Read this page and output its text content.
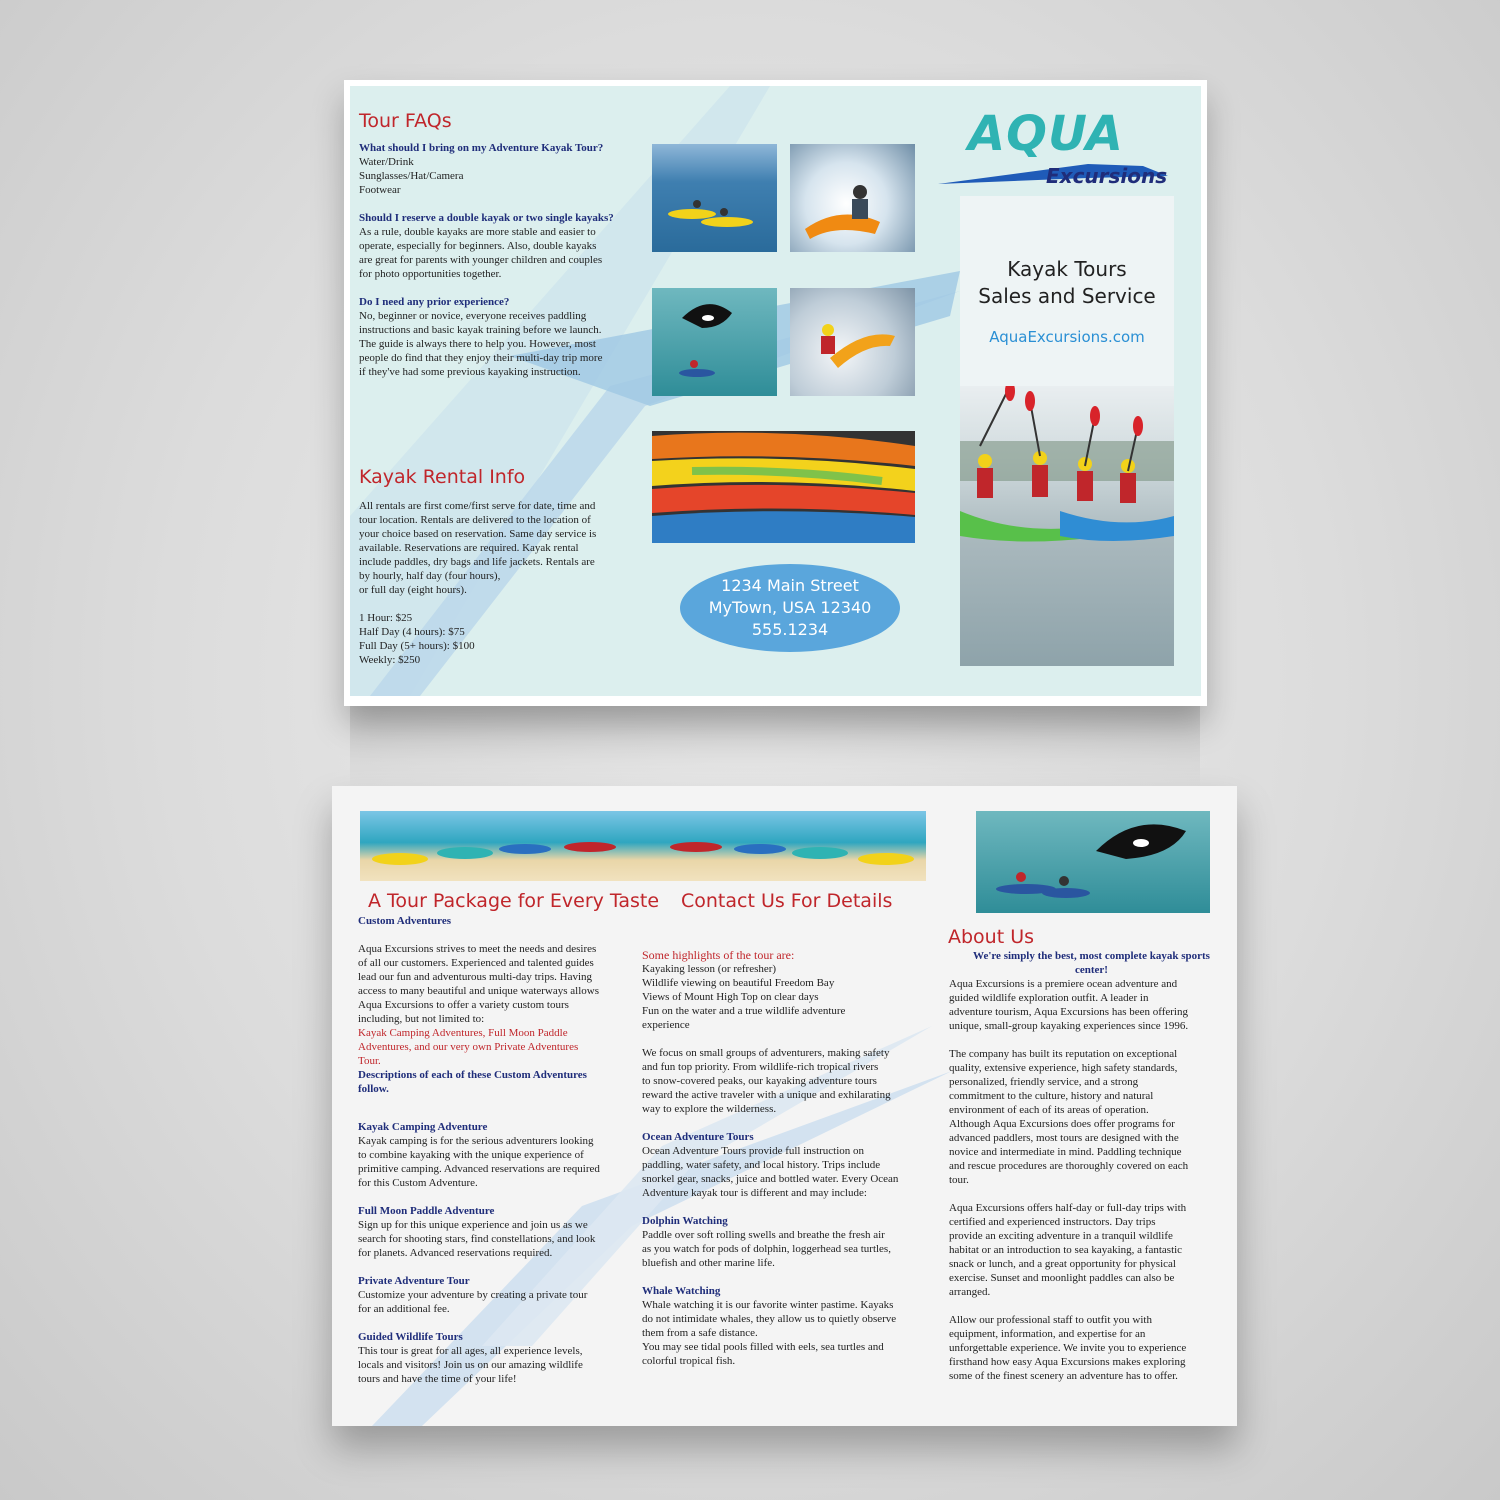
Tour FAQs

What should I bring on my Adventure Kayak Tour?

Water/Drink

Sunglasses/Hat/Camera

Footwear

Should I reserve a double kayak or two single kayaks?

As a rule, double kayaks are more stable and easier to

operate, especially for beginners. Also, double kayaks

are great for parents with younger children and couples

for photo opportunities together.

Do I need any prior experience?

No, beginner or novice, everyone receives paddling

instructions and basic kayak training before we launch.

The guide is always there to help you. However, most

people do find that they enjoy their multi-day trip more

if they've had some previous kayaking instruction.

Kayak Rental Info

All rentals are first come/first serve for date, time and

tour location. Rentals are delivered to the location of

your choice based on reservation. Same day service is

available. Reservations are required. Kayak rental

include paddles, dry bags and life jackets. Rentals are

by hourly, half day (four hours),

or full day (eight hours).

1 Hour: $25

Half Day (4 hours): $75

Full Day (5+ hours): $100

Weekly: $250

1234 Main Street
MyTown, USA 12340
555.1234
AQUA
Excursions
Kayak Tours
Sales and Service
AquaExcursions.com
A Tour Package for Every Taste

Custom Adventures

Aqua Excursions strives to meet the needs and desires

of all our customers. Experienced and talented guides

lead our fun and adventurous multi-day trips. Having

access to many beautiful and unique waterways allows

Aqua Excursions to offer a variety custom tours

including, but not limited to:

Kayak Camping Adventures, Full Moon Paddle

Adventures, and our very own Private Adventures

Tour.

Descriptions of each of these Custom Adventures

follow.

Kayak Camping Adventure

Kayak camping is for the serious adventurers looking

to combine kayaking with the unique experience of

primitive camping. Advanced reservations are required

for this Custom Adventure.

Full Moon Paddle Adventure

Sign up for this unique experience and join us as we

search for shooting stars, find constellations, and look

for planets. Advanced reservations required.

Private Adventure Tour

Customize your adventure by creating a private tour

for an additional fee.

Guided Wildlife Tours

This tour is great for all ages, all experience levels,

locals and visitors! Join us on our amazing wildlife

tours and have the time of your life!

Contact Us For Details

Some highlights of the tour are:

Kayaking lesson (or refresher)

Wildlife viewing on beautiful Freedom Bay

Views of Mount High Top on clear days

Fun on the water and a true wildlife adventure

experience

We focus on small groups of adventurers, making safety

and fun top priority. From wildlife-rich tropical rivers

to snow-covered peaks, our kayaking adventure tours

reward the active traveler with a unique and exhilarating

way to explore the wilderness.

Ocean Adventure Tours

Ocean Adventure Tours provide full instruction on

paddling, water safety, and local history. Trips include

snorkel gear, snacks, juice and bottled water. Every Ocean

Adventure kayak tour is different and may include:

Dolphin Watching

Paddle over soft rolling swells and breathe the fresh air

as you watch for pods of dolphin, loggerhead sea turtles,

bluefish and other marine life.

Whale Watching

Whale watching it is our favorite winter pastime. Kayaks

do not intimidate whales, they allow us to quietly observe

them from a safe distance.

You may see tidal pools filled with eels, sea turtles and

colorful tropical fish.

About Us

We're simply the best, most complete kayak sports

center!

Aqua Excursions is a premiere ocean adventure and

guided wildlife exploration outfit. A leader in

adventure tourism, Aqua Excursions has been offering

unique, small-group kayaking experiences since 1996.

The company has built its reputation on exceptional

quality, extensive experience, high safety standards,

personalized, friendly service, and a strong

commitment to the culture, history and natural

environment of each of its areas of operation.

Although Aqua Excursions does offer programs for

advanced paddlers, most tours are designed with the

novice and intermediate in mind. Paddling technique

and rescue procedures are thoroughly covered on each

tour.

Aqua Excursions offers half-day or full-day trips with

certified and experienced instructors. Day trips

provide an exciting adventure in a tranquil wildlife

habitat or an introduction to sea kayaking, a fantastic

snack or lunch, and a great opportunity for physical

exercise. Sunset and moonlight paddles can also be

arranged.

Allow our professional staff to outfit you with

equipment, information, and expertise for an

unforgettable experience. We invite you to experience

firsthand how easy Aqua Excursions makes exploring

some of the finest scenery an adventure has to offer.
